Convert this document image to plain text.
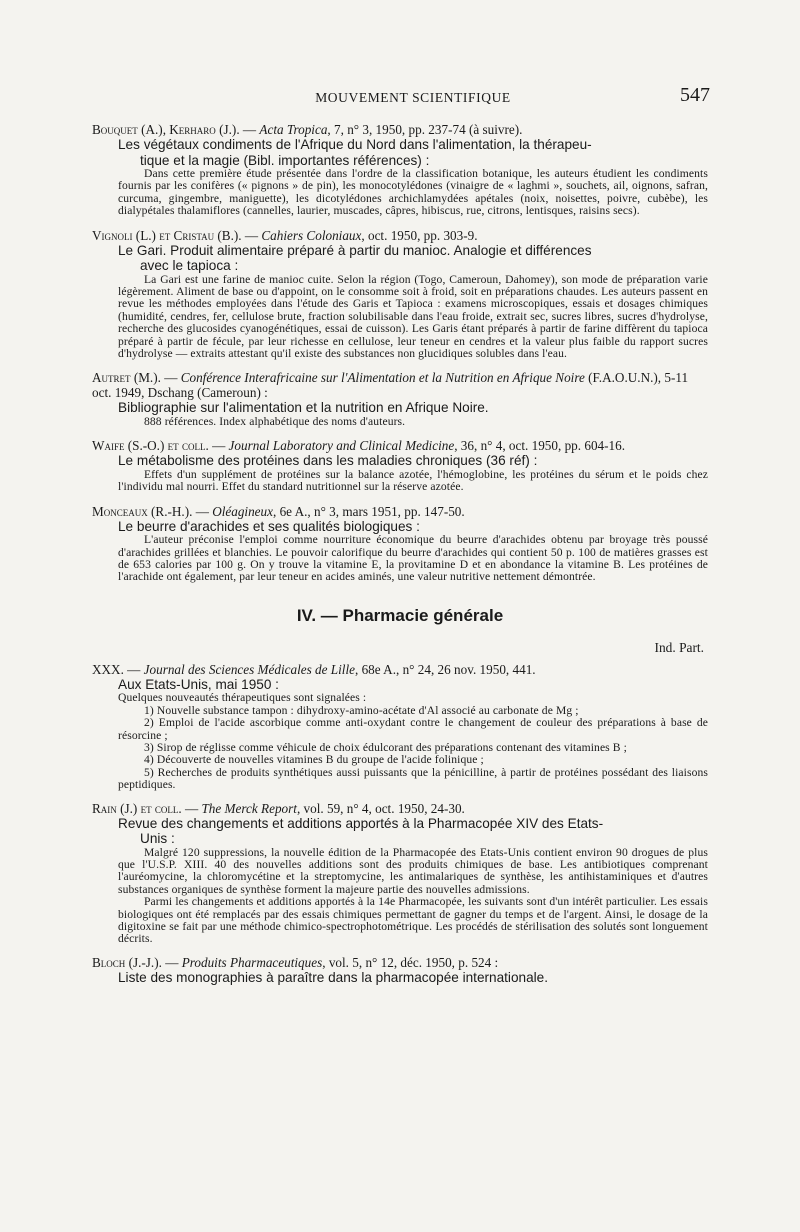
MOUVEMENT SCIENTIFIQUE	547
Bouquet (A.), Kerharo (J.). — Acta Tropica, 7, n° 3, 1950, pp. 237-74 (à suivre).
Les végétaux condiments de l'Afrique du Nord dans l'alimentation, la thérapeu-
tique et la magie (Bibl. importantes références) :

Dans cette première étude présentée dans l'ordre de la classification botanique, les auteurs étudient les condiments fournis par les conifères (« pignons » de pin), les monocotylédones (vinaigre de « laghmi », souchets, ail, oignons, safran, curcuma, gingembre, maniguette), les dicotylédones archichlamydées apétales (noix, noisettes, poivre, cubèbe), les dialypétales thalamiflores (cannelles, laurier, muscades, câpres, hibiscus, rue, citrons, lentisques, raisins secs).

Vignoli (L.) et Cristau (B.). — Cahiers Coloniaux, oct. 1950, pp. 303-9.
Le Gari. Produit alimentaire préparé à partir du manioc. Analogie et différences
avec le tapioca :

La Gari est une farine de manioc cuite. Selon la région (Togo, Cameroun, Dahomey), son mode de préparation varie légèrement. Aliment de base ou d'appoint, on le consomme soit à froid, soit en préparations chaudes. Les auteurs passent en revue les méthodes employées dans l'étude des Garis et Tapioca : examens microscopiques, essais et dosages chimiques (humidité, cendres, fer, cellulose brute, fraction solubilisable dans l'eau froide, extrait sec, sucres libres, sucres d'hydrolyse, recherche des glucosides cyanogénétiques, essai de cuisson). Les Garis étant préparés à partir de farine diffèrent du tapioca préparé à partir de fécule, par leur richesse en cellulose, leur teneur en cendres et la valeur plus faible du rapport sucres d'hydrolyse — extraits attestant qu'il existe des substances non glucidiques solubles dans l'eau.

Autret (M.). — Conférence Interafricaine sur l'Alimentation et la Nutrition en Afrique Noire (F.A.O.U.N.), 5-11 oct. 1949, Dschang (Cameroun) :
Bibliographie sur l'alimentation et la nutrition en Afrique Noire.

888 références. Index alphabétique des noms d'auteurs.

Waife (S.-O.) et coll. — Journal Laboratory and Clinical Medicine, 36, n° 4, oct. 1950, pp. 604-16.
Le métabolisme des protéines dans les maladies chroniques (36 réf) :

Effets d'un supplément de protéines sur la balance azotée, l'hémoglobine, les protéines du sérum et le poids chez l'individu mal nourri. Effet du standard nutritionnel sur la réserve azotée.

Monceaux (R.-H.). — Oléagineux, 6e A., n° 3, mars 1951, pp. 147-50.
Le beurre d'arachides et ses qualités biologiques :

L'auteur préconise l'emploi comme nourriture économique du beurre d'arachides obtenu par broyage très poussé d'arachides grillées et blanchies. Le pouvoir calorifique du beurre d'arachides qui contient 50 p. 100 de matières grasses est de 653 calories par 100 g. On y trouve la vitamine E, la provitamine D et en abondance la vitamine B. Les protéines de l'arachide ont également, par leur teneur en acides aminés, une valeur nutritive nettement démontrée.

IV. — Pharmacie générale
Ind. Part.
XXX. — Journal des Sciences Médicales de Lille, 68e A., n° 24, 26 nov. 1950, 441.
Aux Etats-Unis, mai 1950 :

Quelques nouveautés thérapeutiques sont signalées :

1) Nouvelle substance tampon : dihydroxy-amino-acétate d'Al associé au carbonate de Mg ;

2) Emploi de l'acide ascorbique comme anti-oxydant contre le changement de couleur des préparations à base de résorcine ;

3) Sirop de réglisse comme véhicule de choix édulcorant des préparations contenant des vitamines B ;

4) Découverte de nouvelles vitamines B du groupe de l'acide folinique ;

5) Recherches de produits synthétiques aussi puissants que la pénicilline, à partir de protéines possédant des liaisons peptidiques.

Rain (J.) et coll. — The Merck Report, vol. 59, n° 4, oct. 1950, 24-30.
Revue des changements et additions apportés à la Pharmacopée XIV des Etats-
Unis :

Malgré 120 suppressions, la nouvelle édition de la Pharmacopée des Etats-Unis contient environ 90 drogues de plus que l'U.S.P. XIII. 40 des nouvelles additions sont des produits chimiques de base. Les antibiotiques comprenant l'auréomycine, la chloromycétine et la streptomycine, les antimalariques de synthèse, les antihistaminiques et d'autres substances organiques de synthèse forment la majeure partie des nouvelles admissions.

Parmi les changements et additions apportés à la 14e Pharmacopée, les suivants sont d'un intérêt particulier. Les essais biologiques ont été remplacés par des essais chimiques permettant de gagner du temps et de l'argent. Ainsi, le dosage de la digitoxine se fait par une méthode chimico-spectrophotométrique. Les procédés de stérilisation des solutés sont longuement décrits.

Bloch (J.-J.). — Produits Pharmaceutiques, vol. 5, n° 12, déc. 1950, p. 524 :
Liste des monographies à paraître dans la pharmacopée internationale.
